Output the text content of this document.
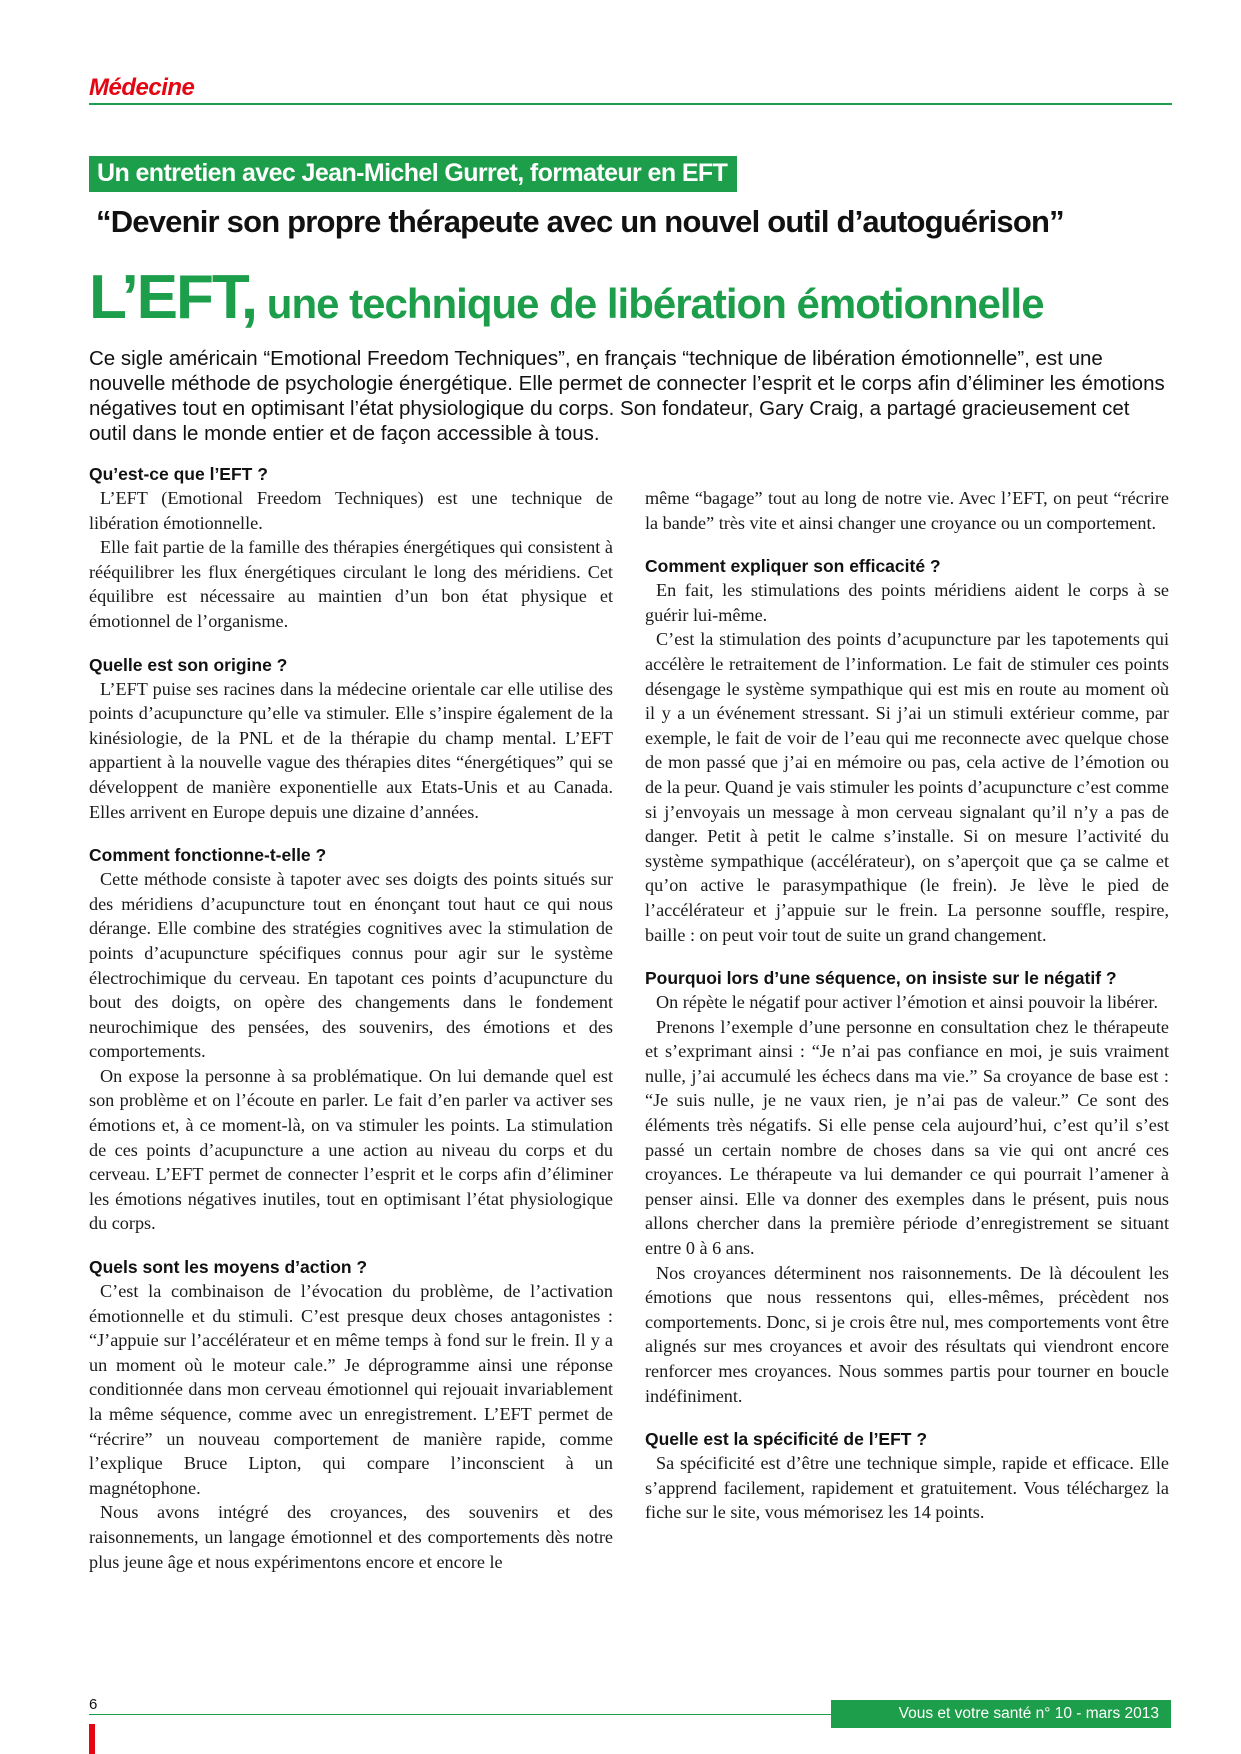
Médecine
Un entretien avec Jean-Michel Gurret, formateur en EFT
“Devenir son propre thérapeute avec un nouvel outil d’autoguérison”
L’EFT, une technique de libération émotionnelle

Ce sigle américain “Emotional Freedom Techniques”, en français “technique de libération émotionnelle”, est une nouvelle méthode de psychologie énergétique. Elle permet de connecter l’esprit et le corps afin d’éliminer les émotions négatives tout en optimisant l’état physiologique du corps. Son fondateur, Gary Craig, a partagé gracieusement cet outil dans le monde entier et de façon accessible à tous.

Qu’est-ce que l’EFT ?

L’EFT (Emotional Freedom Techniques) est une technique de libération émotionnelle.

Elle fait partie de la famille des thérapies énergétiques qui consistent à rééquilibrer les flux énergétiques circulant le long des méridiens. Cet équilibre est nécessaire au maintien d’un bon état physique et émotionnel de l’organisme.

Quelle est son origine ?

L’EFT puise ses racines dans la médecine orientale car elle utilise des points d’acupuncture qu’elle va stimuler. Elle s’inspire également de la kinésiologie, de la PNL et de la thérapie du champ mental. L’EFT appartient à la nouvelle vague des thérapies dites “énergétiques” qui se développent de manière exponentielle aux Etats-Unis et au Canada. Elles arrivent en Europe depuis une dizaine d’années.

Comment fonctionne-t-elle ?

Cette méthode consiste à tapoter avec ses doigts des points situés sur des méridiens d’acupuncture tout en énonçant tout haut ce qui nous dérange. Elle combine des stratégies cognitives avec la stimulation de points d’acupuncture spécifiques connus pour agir sur le système électrochimique du cerveau. En tapotant ces points d’acupuncture du bout des doigts, on opère des changements dans le fondement neurochimique des pensées, des souvenirs, des émotions et des comportements.

On expose la personne à sa problématique. On lui demande quel est son problème et on l’écoute en parler. Le fait d’en parler va activer ses émotions et, à ce moment-là, on va stimuler les points. La stimulation de ces points d’acupuncture a une action au niveau du corps et du cerveau. L’EFT permet de connecter l’esprit et le corps afin d’éliminer les émotions négatives inutiles, tout en optimisant l’état physiologique du corps.

Quels sont les moyens d’action ?

C’est la combinaison de l’évocation du problème, de l’activation émotionnelle et du stimuli. C’est presque deux choses antagonistes : “J’appuie sur l’accélérateur et en même temps à fond sur le frein. Il y a un moment où le moteur cale.” Je déprogramme ainsi une réponse conditionnée dans mon cerveau émotionnel qui rejouait invariablement la même séquence, comme avec un enregistrement. L’EFT permet de “récrire” un nouveau comportement de manière rapide, comme l’explique Bruce Lipton, qui compare l’inconscient à un magnétophone.

Nous avons intégré des croyances, des souvenirs et des raisonnements, un langage émotionnel et des comportements dès notre plus jeune âge et nous expérimentons encore et encore le

même “bagage” tout au long de notre vie. Avec l’EFT, on peut “récrire la bande” très vite et ainsi changer une croyance ou un comportement.

Comment expliquer son efficacité ?

En fait, les stimulations des points méridiens aident le corps à se guérir lui-même.

C’est la stimulation des points d’acupuncture par les tapotements qui accélère le retraitement de l’information. Le fait de stimuler ces points désengage le système sympathique qui est mis en route au moment où il y a un événement stressant. Si j’ai un stimuli extérieur comme, par exemple, le fait de voir de l’eau qui me reconnecte avec quelque chose de mon passé que j’ai en mémoire ou pas, cela active de l’émotion ou de la peur. Quand je vais stimuler les points d’acupuncture c’est comme si j’envoyais un message à mon cerveau signalant qu’il n’y a pas de danger. Petit à petit le calme s’installe. Si on mesure l’activité du système sympathique (accélérateur), on s’aperçoit que ça se calme et qu’on active le parasympathique (le frein). Je lève le pied de l’accélérateur et j’appuie sur le frein. La personne souffle, respire, baille : on peut voir tout de suite un grand changement.

Pourquoi lors d’une séquence, on insiste sur le négatif ?

On répète le négatif pour activer l’émotion et ainsi pouvoir la libérer.

Prenons l’exemple d’une personne en consultation chez le thérapeute et s’exprimant ainsi : “Je n’ai pas confiance en moi, je suis vraiment nulle, j’ai accumulé les échecs dans ma vie.” Sa croyance de base est : “Je suis nulle, je ne vaux rien, je n’ai pas de valeur.” Ce sont des éléments très négatifs. Si elle pense cela aujourd’hui, c’est qu’il s’est passé un certain nombre de choses dans sa vie qui ont ancré ces croyances. Le thérapeute va lui demander ce qui pourrait l’amener à penser ainsi. Elle va donner des exemples dans le présent, puis nous allons chercher dans la première période d’enregistrement se situant entre 0 à 6 ans.

Nos croyances déterminent nos raisonnements. De là découlent les émotions que nous ressentons qui, elles-mêmes, précèdent nos comportements. Donc, si je crois être nul, mes comportements vont être alignés sur mes croyances et avoir des résultats qui viendront encore renforcer mes croyances. Nous sommes partis pour tourner en boucle indéfiniment.

Quelle est la spécificité de l’EFT ?

Sa spécificité est d’être une technique simple, rapide et efficace. Elle s’apprend facilement, rapidement et gratuitement. Vous téléchargez la fiche sur le site, vous mémorisez les 14 points.

6
Vous et votre santé n° 10 - mars 2013
